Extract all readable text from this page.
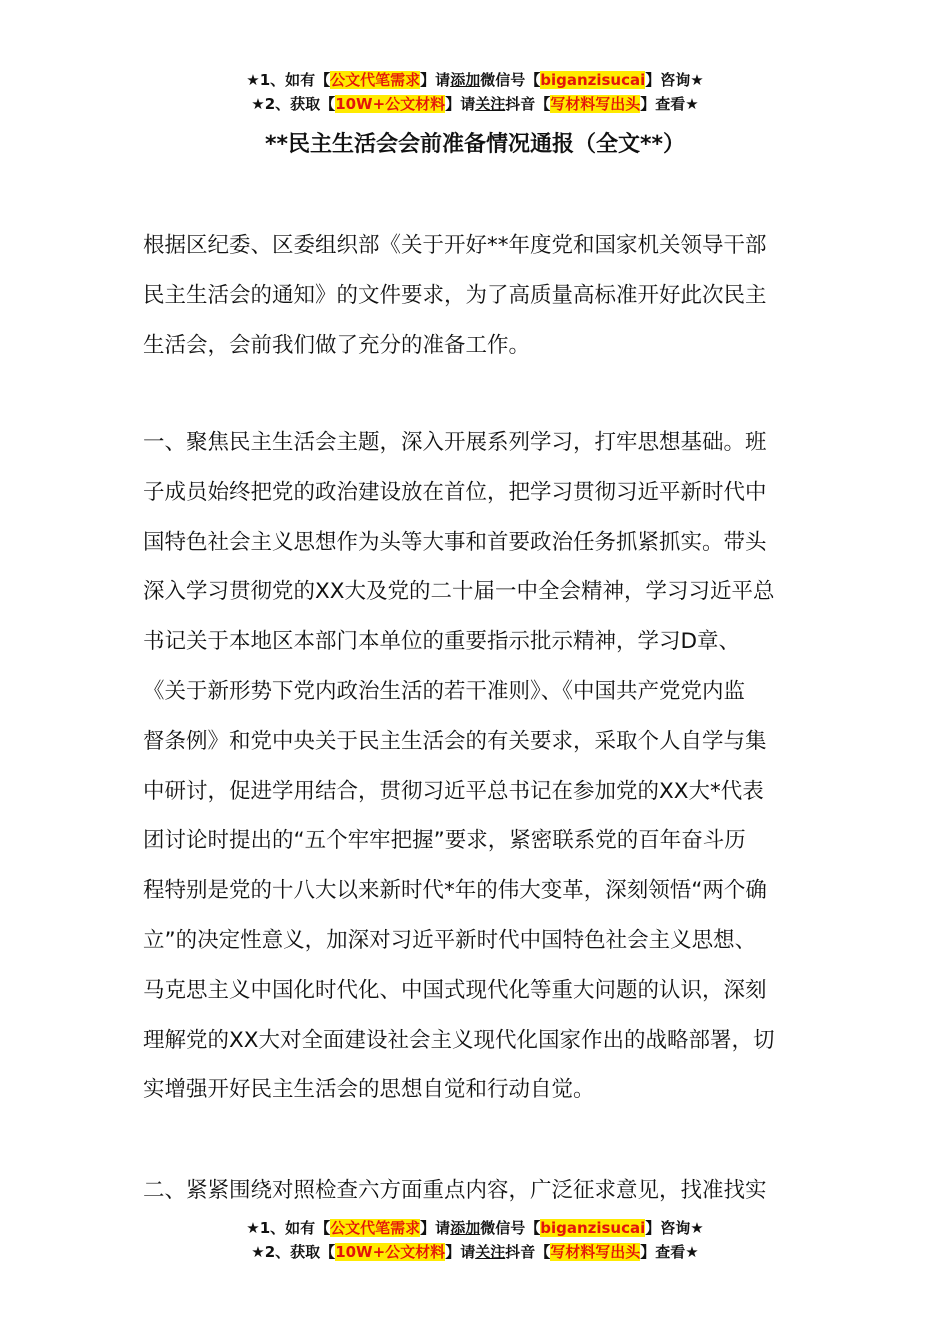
★1、如有【公文代笔需求】请添加微信号【biganzisucai】咨询★
★2、获取【10W+公文材料】请关注抖音【写材料写出头】查看★
**民主生活会会前准备情况通报（全文**）
根据区纪委、区委组织部《关于开好**年度党和国家机关领导干部
民主生活会的通知》的文件要求，为了高质量高标准开好此次民主
生活会，会前我们做了充分的准备工作。
一、聚焦民主生活会主题，深入开展系列学习，打牢思想基础。班
子成员始终把党的政治建设放在首位，把学习贯彻习近平新时代中
国特色社会主义思想作为头等大事和首要政治任务抓紧抓实。带头
深入学习贯彻党的XX大及党的二十届一中全会精神，学习习近平总
书记关于本地区本部门本单位的重要指示批示精神，学习D章、
《关于新形势下党内政治生活的若干准则》、《中国共产党党内监
督条例》和党中央关于民主生活会的有关要求，采取个人自学与集
中研讨，促进学用结合，贯彻习近平总书记在参加党的XX大*代表
团讨论时提出的“五个牢牢把握”要求，紧密联系党的百年奋斗历
程特别是党的十八大以来新时代*年的伟大变革，深刻领悟“两个确
立”的决定性意义，加深对习近平新时代中国特色社会主义思想、
马克思主义中国化时代化、中国式现代化等重大问题的认识，深刻
理解党的XX大对全面建设社会主义现代化国家作出的战略部署，切
实增强开好民主生活会的思想自觉和行动自觉。
二、紧紧围绕对照检查六方面重点内容，广泛征求意见，找准找实
★1、如有【公文代笔需求】请添加微信号【biganzisucai】咨询★
★2、获取【10W+公文材料】请关注抖音【写材料写出头】查看★
